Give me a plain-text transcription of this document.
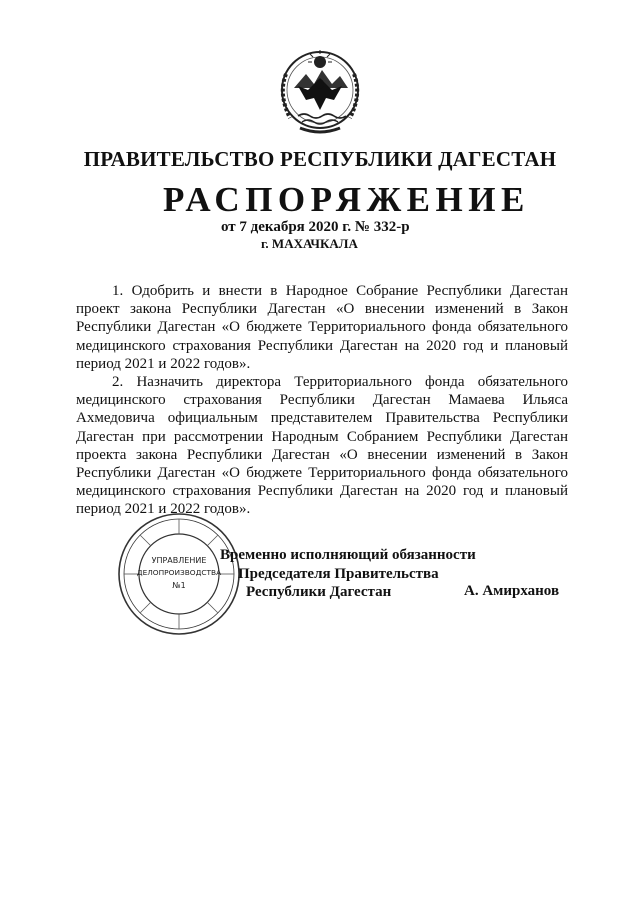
ПРАВИТЕЛЬСТВО РЕСПУБЛИКИ ДАГЕСТАН
РАСПОРЯЖЕНИЕ
от 7 декабря 2020 г. № 332-р
г. МАХАЧКАЛА

1. Одобрить и внести в Народное Собрание Республики Дагестан проект закона Республики Дагестан «О внесении изменений в Закон Республики Дагестан «О бюджете Территориального фонда обязательного медицинского страхования Республики Дагестан на 2020 год и плановый период 2021 и 2022 годов».

2. Назначить директора Территориального фонда обязательного медицинского страхования Республики Дагестан Мамаева Ильяса Ахмедовича официальным представителем Правительства Республики Дагестан при рассмотрении Народным Собранием Республики Дагестан проекта закона Республики Дагестан «О внесении изменений в Закон Республики Дагестан «О бюджете Территориального фонда обязательного медицинского страхования Республики Дагестан на 2020 год и плановый период 2021 и 2022 годов».

УПРАВЛЕНИЕ
ДЕЛОПРОИЗВОДСТВА
№1
Временно исполняющий обязанности
Председателя Правительства
Республики Дагестан	А. Амирханов
